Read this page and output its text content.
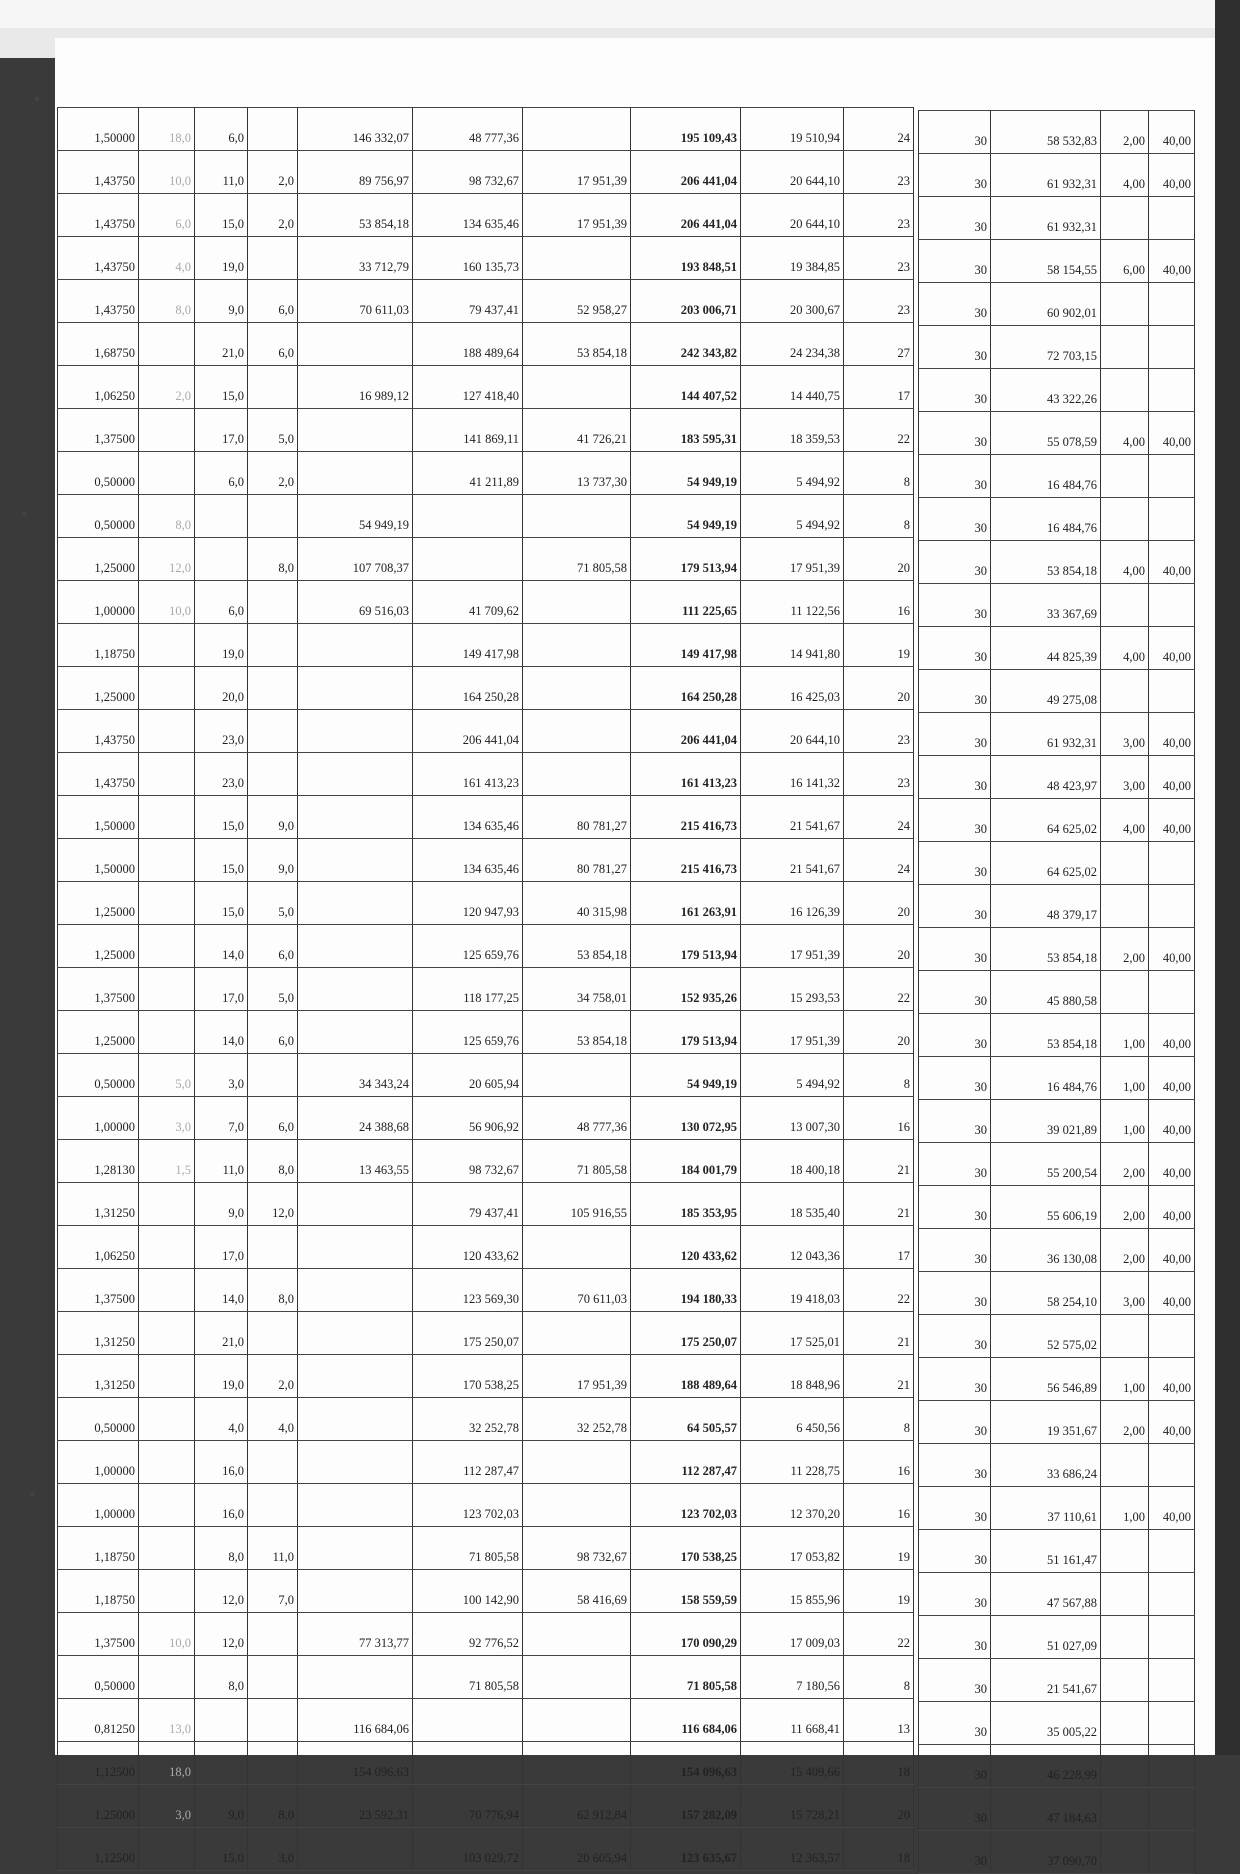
1,50000	18,0	6,0		146 332,07	48 777,36		195 109,43	19 510,94	24
1,43750	10,0	11,0	2,0	89 756,97	98 732,67	17 951,39	206 441,04	20 644,10	23
1,43750	6,0	15,0	2,0	53 854,18	134 635,46	17 951,39	206 441,04	20 644,10	23
1,43750	4,0	19,0		33 712,79	160 135,73		193 848,51	19 384,85	23
1,43750	8,0	9,0	6,0	70 611,03	79 437,41	52 958,27	203 006,71	20 300,67	23
1,68750		21,0	6,0		188 489,64	53 854,18	242 343,82	24 234,38	27
1,06250	2,0	15,0		16 989,12	127 418,40		144 407,52	14 440,75	17
1,37500		17,0	5,0		141 869,11	41 726,21	183 595,31	18 359,53	22
0,50000		6,0	2,0		41 211,89	13 737,30	54 949,19	5 494,92	8
0,50000	8,0			54 949,19			54 949,19	5 494,92	8
1,25000	12,0		8,0	107 708,37		71 805,58	179 513,94	17 951,39	20
1,00000	10,0	6,0		69 516,03	41 709,62		111 225,65	11 122,56	16
1,18750		19,0			149 417,98		149 417,98	14 941,80	19
1,25000		20,0			164 250,28		164 250,28	16 425,03	20
1,43750		23,0			206 441,04		206 441,04	20 644,10	23
1,43750		23,0			161 413,23		161 413,23	16 141,32	23
1,50000		15,0	9,0		134 635,46	80 781,27	215 416,73	21 541,67	24
1,50000		15,0	9,0		134 635,46	80 781,27	215 416,73	21 541,67	24
1,25000		15,0	5,0		120 947,93	40 315,98	161 263,91	16 126,39	20
1,25000		14,0	6,0		125 659,76	53 854,18	179 513,94	17 951,39	20
1,37500		17,0	5,0		118 177,25	34 758,01	152 935,26	15 293,53	22
1,25000		14,0	6,0		125 659,76	53 854,18	179 513,94	17 951,39	20
0,50000	5,0	3,0		34 343,24	20 605,94		54 949,19	5 494,92	8
1,00000	3,0	7,0	6,0	24 388,68	56 906,92	48 777,36	130 072,95	13 007,30	16
1,28130	1,5	11,0	8,0	13 463,55	98 732,67	71 805,58	184 001,79	18 400,18	21
1,31250		9,0	12,0		79 437,41	105 916,55	185 353,95	18 535,40	21
1,06250		17,0			120 433,62		120 433,62	12 043,36	17
1,37500		14,0	8,0		123 569,30	70 611,03	194 180,33	19 418,03	22
1,31250		21,0			175 250,07		175 250,07	17 525,01	21
1,31250		19,0	2,0		170 538,25	17 951,39	188 489,64	18 848,96	21
0,50000		4,0	4,0		32 252,78	32 252,78	64 505,57	6 450,56	8
1,00000		16,0			112 287,47		112 287,47	11 228,75	16
1,00000		16,0			123 702,03		123 702,03	12 370,20	16
1,18750		8,0	11,0		71 805,58	98 732,67	170 538,25	17 053,82	19
1,18750		12,0	7,0		100 142,90	58 416,69	158 559,59	15 855,96	19
1,37500	10,0	12,0		77 313,77	92 776,52		170 090,29	17 009,03	22
0,50000		8,0			71 805,58		71 805,58	7 180,56	8
0,81250	13,0			116 684,06			116 684,06	11 668,41	13
1,12500	18,0			154 096,63			154 096,63	15 409,66	18
1,25000	3,0	9,0	8,0	23 592,31	70 776,94	62 912,84	157 282,09	15 728,21	20
1,12500		15,0	3,0		103 029,72	20 605,94	123 635,67	12 363,57	18
30	58 532,83	2,00	40,00
30	61 932,31	4,00	40,00
30	61 932,31		
30	58 154,55	6,00	40,00
30	60 902,01		
30	72 703,15		
30	43 322,26		
30	55 078,59	4,00	40,00
30	16 484,76		
30	16 484,76		
30	53 854,18	4,00	40,00
30	33 367,69		
30	44 825,39	4,00	40,00
30	49 275,08		
30	61 932,31	3,00	40,00
30	48 423,97	3,00	40,00
30	64 625,02	4,00	40,00
30	64 625,02		
30	48 379,17		
30	53 854,18	2,00	40,00
30	45 880,58		
30	53 854,18	1,00	40,00
30	16 484,76	1,00	40,00
30	39 021,89	1,00	40,00
30	55 200,54	2,00	40,00
30	55 606,19	2,00	40,00
30	36 130,08	2,00	40,00
30	58 254,10	3,00	40,00
30	52 575,02		
30	56 546,89	1,00	40,00
30	19 351,67	2,00	40,00
30	33 686,24		
30	37 110,61	1,00	40,00
30	51 161,47		
30	47 567,88		
30	51 027,09		
30	21 541,67		
30	35 005,22		
30	46 228,99		
30	47 184,63		
30	37 090,70		
